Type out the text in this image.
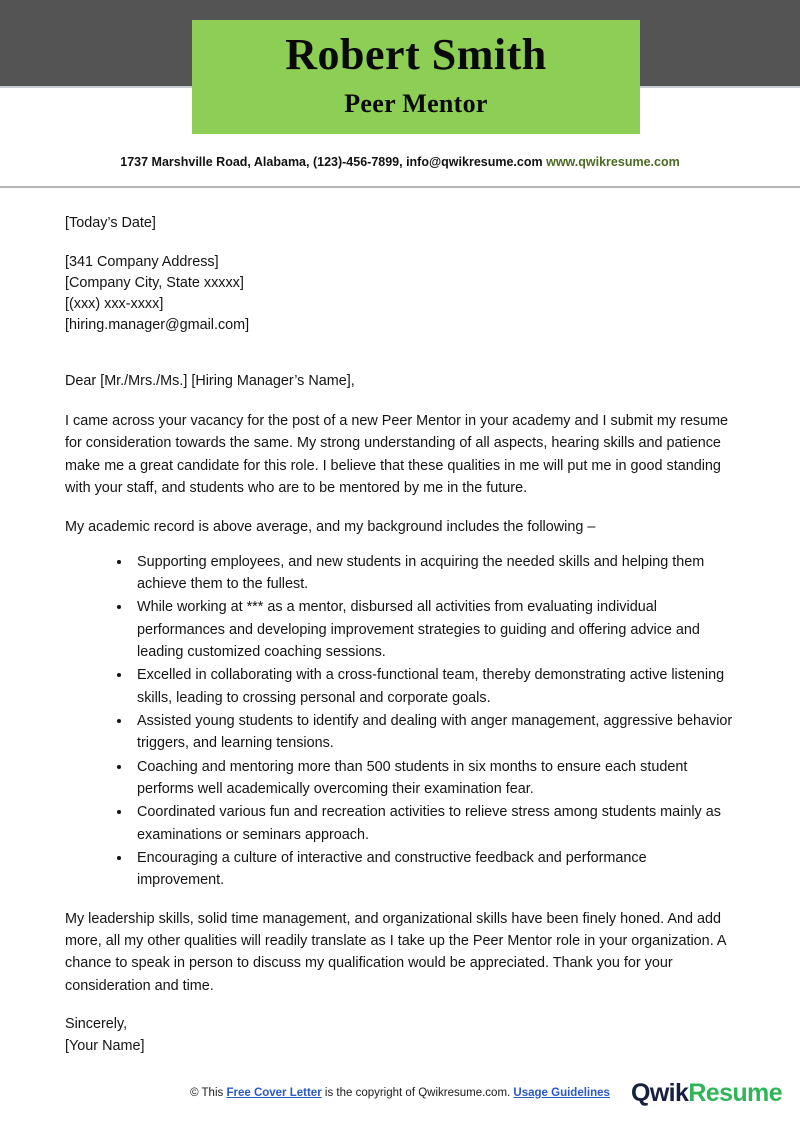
Robert Smith
Peer Mentor
1737 Marshville Road, Alabama, (123)-456-7899, info@qwikresume.com www.qwikresume.com
[Today’s Date]
[341 Company Address]
[Company City, State xxxxx]
[(xxx) xxx-xxxx]
[hiring.manager@gmail.com]
Dear [Mr./Mrs./Ms.] [Hiring Manager’s Name],

I came across your vacancy for the post of a new Peer Mentor in your academy and I submit my resume for consideration towards the same. My strong understanding of all aspects, hearing skills and patience make me a great candidate for this role. I believe that these qualities in me will put me in good standing with your staff, and students who are to be mentored by me in the future.

My academic record is above average, and my background includes the following –

Supporting employees, and new students in acquiring the needed skills and helping them achieve them to the fullest.
While working at *** as a mentor, disbursed all activities from evaluating individual performances and developing improvement strategies to guiding and offering advice and leading customized coaching sessions.
Excelled in collaborating with a cross-functional team, thereby demonstrating active listening skills, leading to crossing personal and corporate goals.
Assisted young students to identify and dealing with anger management, aggressive behavior triggers, and learning tensions.
Coaching and mentoring more than 500 students in six months to ensure each student performs well academically overcoming their examination fear.
Coordinated various fun and recreation activities to relieve stress among students mainly as examinations or seminars approach.
Encouraging a culture of interactive and constructive feedback and performance improvement.

My leadership skills, solid time management, and organizational skills have been finely honed. And add more, all my other qualities will readily translate as I take up the Peer Mentor role in your organization. A chance to speak in person to discuss my qualification would be appreciated. Thank you for your consideration and time.

Sincerely,
[Your Name]
© This Free Cover Letter is the copyright of Qwikresume.com. Usage Guidelines QwikResume
